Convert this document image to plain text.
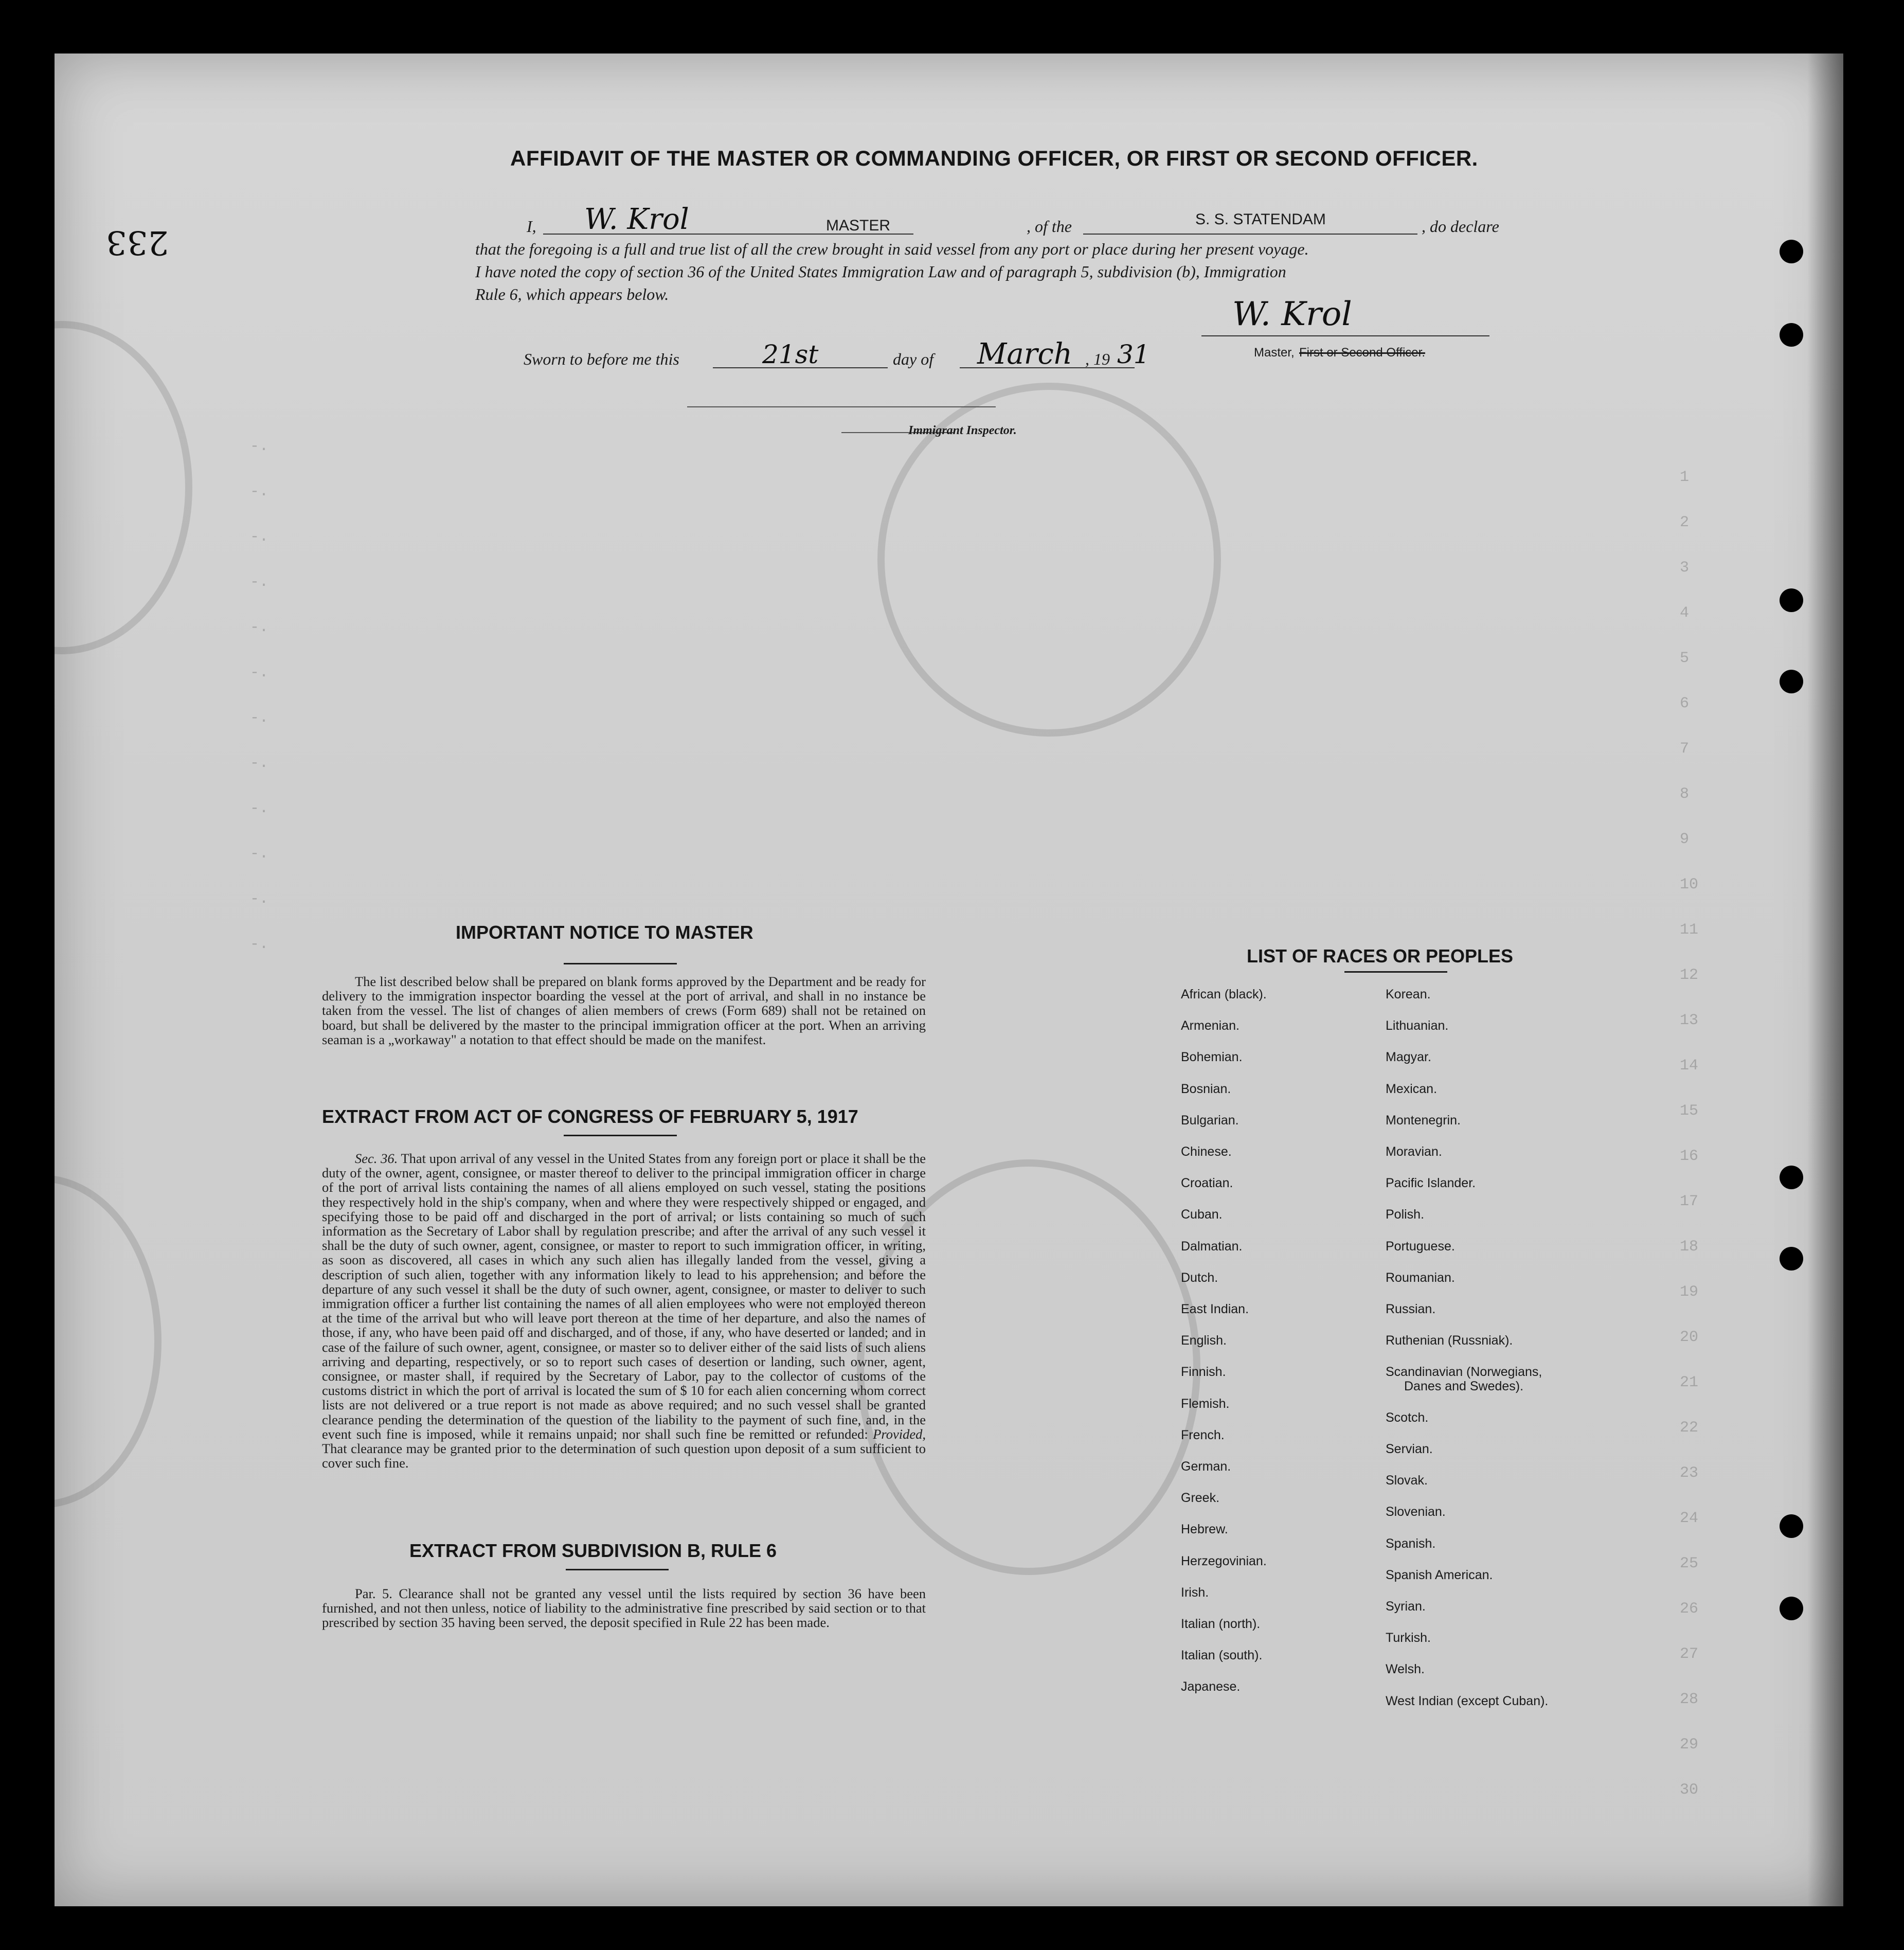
1
2
3
4
5
6
7
8
9
10
11
12
13
14
15
16
17
18
19
20
21
22
23
24
25
26
27
28
29
30
-.
-.
-.
-.
-.
-.
-.
-.
-.
-.
-.
-.
233
AFFIDAVIT OF THE MASTER OR COMMANDING OFFICER, OR FIRST OR SECOND OFFICER.
I, W. Krol	MASTER	, of the	S. S. STATENDAM	, do declare
that the foregoing is a full and true list of all the crew brought in said vessel from any port or place during her present voyage.
I have noted the copy of section 36 of the United States Immigration Law and of paragraph 5, subdivision (b), Immigration
Rule 6, which appears below.
W. Krol
Sworn to before me this	21st	day of March , 19 31	Master, First or Second Officer.
Immigrant Inspector.
IMPORTANT NOTICE TO MASTER

The list described below shall be prepared on blank forms approved by the Department and be ready for delivery to the immigration inspector boarding the vessel at the port of arrival, and shall in no instance be taken from the vessel. The list of changes of alien members of crews (Form 689) shall not be retained on board, but shall be delivered by the master to the principal immigration officer at the port. When an arriving seaman is a „workaway" a notation to that effect should be made on the manifest.

EXTRACT FROM ACT OF CONGRESS OF FEBRUARY 5, 1917

Sec. 36. That upon arrival of any vessel in the United States from any foreign port or place it shall be the duty of the owner, agent, consignee, or master thereof to deliver to the principal immigration officer in charge of the port of arrival lists containing the names of all aliens employed on such vessel, stating the positions they respectively hold in the ship's company, when and where they were respectively shipped or engaged, and specifying those to be paid off and discharged in the port of arrival; or lists containing so much of such information as the Secretary of Labor shall by regulation prescribe; and after the arrival of any such vessel it shall be the duty of such owner, agent, consignee, or master to report to such immigration officer, in writing, as soon as discovered, all cases in which any such alien has illegally landed from the vessel, giving a description of such alien, together with any information likely to lead to his apprehension; and before the departure of any such vessel it shall be the duty of such owner, agent, consignee, or master to deliver to such immigration officer a further list containing the names of all alien employees who were not employed thereon at the time of the arrival but who will leave port thereon at the time of her departure, and also the names of those, if any, who have been paid off and discharged, and of those, if any, who have deserted or landed; and in case of the failure of such owner, agent, consignee, or master so to deliver either of the said lists of such aliens arriving and departing, respectively, or so to report such cases of desertion or landing, such owner, agent, consignee, or master shall, if required by the Secretary of Labor, pay to the collector of customs of the customs district in which the port of arrival is located the sum of $ 10 for each alien concerning whom correct lists are not delivered or a true report is not made as above required; and no such vessel shall be granted clearance pending the determination of the question of the liability to the payment of such fine, and, in the event such fine is imposed, while it remains unpaid; nor shall such fine be remitted or refunded: Provided, That clearance may be granted prior to the determination of such question upon deposit of a sum sufficient to cover such fine.

EXTRACT FROM SUBDIVISION B, RULE 6

Par. 5. Clearance shall not be granted any vessel until the lists required by section 36 have been furnished, and not then unless, notice of liability to the administrative fine prescribed by said section or to that prescribed by section 35 having been served, the deposit specified in Rule 22 has been made.

LIST OF RACES OR PEOPLES
African (black).
Armenian.
Bohemian.
Bosnian.
Bulgarian.
Chinese.
Croatian.
Cuban.
Dalmatian.
Dutch.
East Indian.
English.
Finnish.
Flemish.
French.
German.
Greek.
Hebrew.
Herzegovinian.
Irish.
Italian (north).
Italian (south).
Japanese.
Korean.
Lithuanian.
Magyar.
Mexican.
Montenegrin.
Moravian.
Pacific Islander.
Polish.
Portuguese.
Roumanian.
Russian.
Ruthenian (Russniak).
Scandinavian (Norwegians,
Danes and Swedes).
Scotch.
Servian.
Slovak.
Slovenian.
Spanish.
Spanish American.
Syrian.
Turkish.
Welsh.
West Indian (except Cuban).
